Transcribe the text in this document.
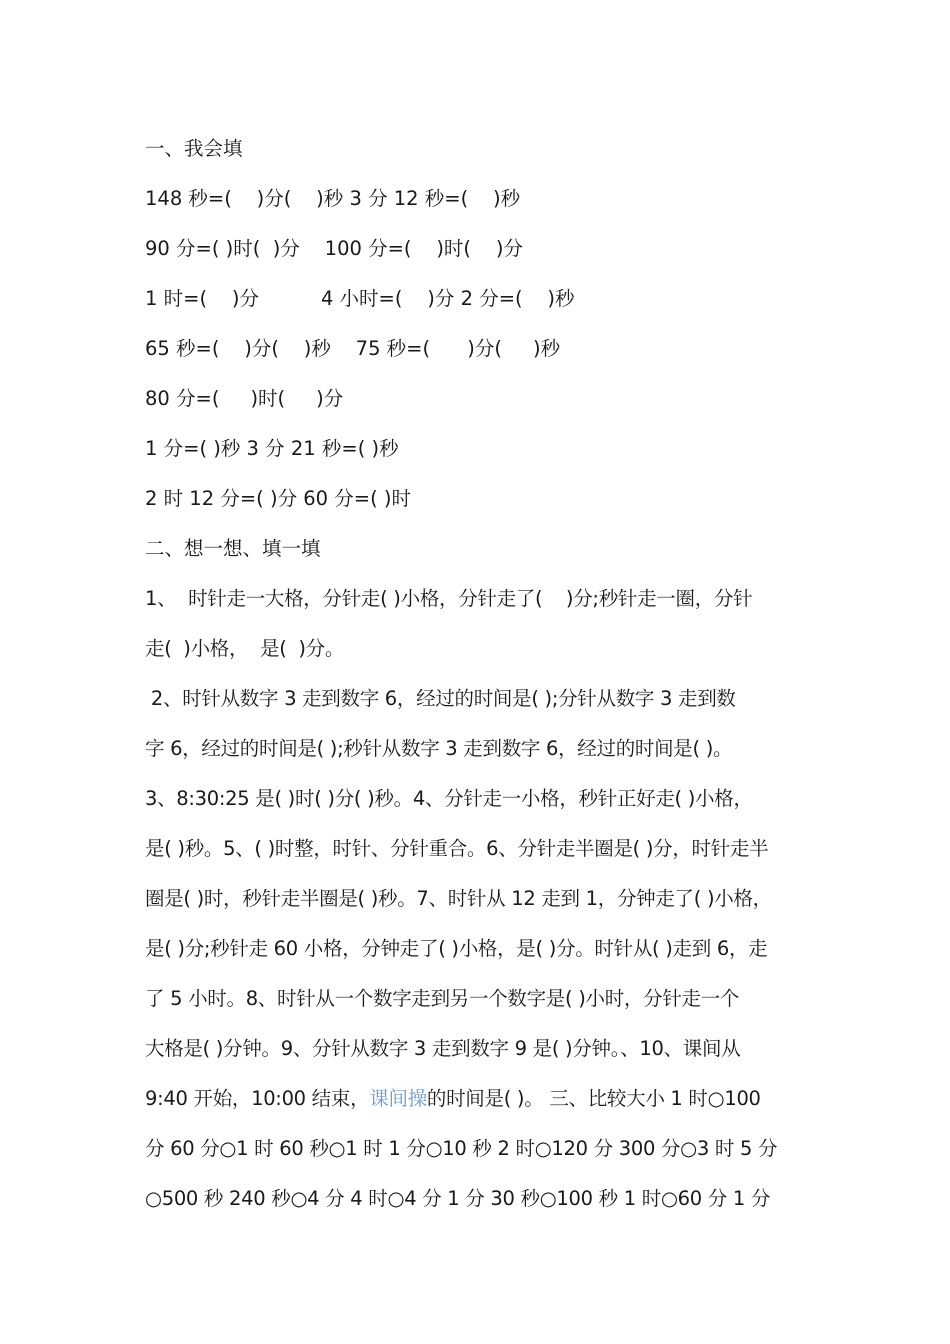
一、我会填
148 秒=(    )分(    )秒 3 分 12 秒=(    )秒
90 分=( )时(  )分    100 分=(    )时(    )分
1 时=(    )分          4 小时=(    )分 2 分=(    )秒
65 秒=(    )分(    )秒    75 秒=(      )分(     )秒
80 分=(     )时(     )分
1 分=( )秒 3 分 21 秒=( )秒
2 时 12 分=( )分 60 分=( )时
二、想一想、填一填
1、  时针走一大格，分针走( )小格，分针走了(    )分;秒针走一圈，分针
走(  )小格，  是(  )分。
2、时针从数字 3 走到数字 6，经过的时间是( );分针从数字 3 走到数
字 6，经过的时间是( );秒针从数字 3 走到数字 6，经过的时间是( )。
3、8:30:25 是( )时( )分( )秒。4、分针走一小格，秒针正好走( )小格，
是( )秒。5、( )时整，时针、分针重合。6、分针走半圈是( )分，时针走半
圈是( )时，秒针走半圈是( )秒。7、时针从 12 走到 1，分钟走了( )小格，
是( )分;秒针走 60 小格，分钟走了( )小格，是( )分。时针从( )走到 6，走
了 5 小时。8、时针从一个数字走到另一个数字是( )小时，分针走一个
大格是( )分钟。9、分针从数字 3 走到数字 9 是( )分钟。、10、课间从
9:40 开始，10:00 结束，课间操的时间是( )。 三、比较大小 1 时○100
分 60 分○1 时 60 秒○1 时 1 分○10 秒 2 时○120 分 300 分○3 时 5 分
○500 秒 240 秒○4 分 4 时○4 分 1 分 30 秒○100 秒 1 时○60 分 1 分
